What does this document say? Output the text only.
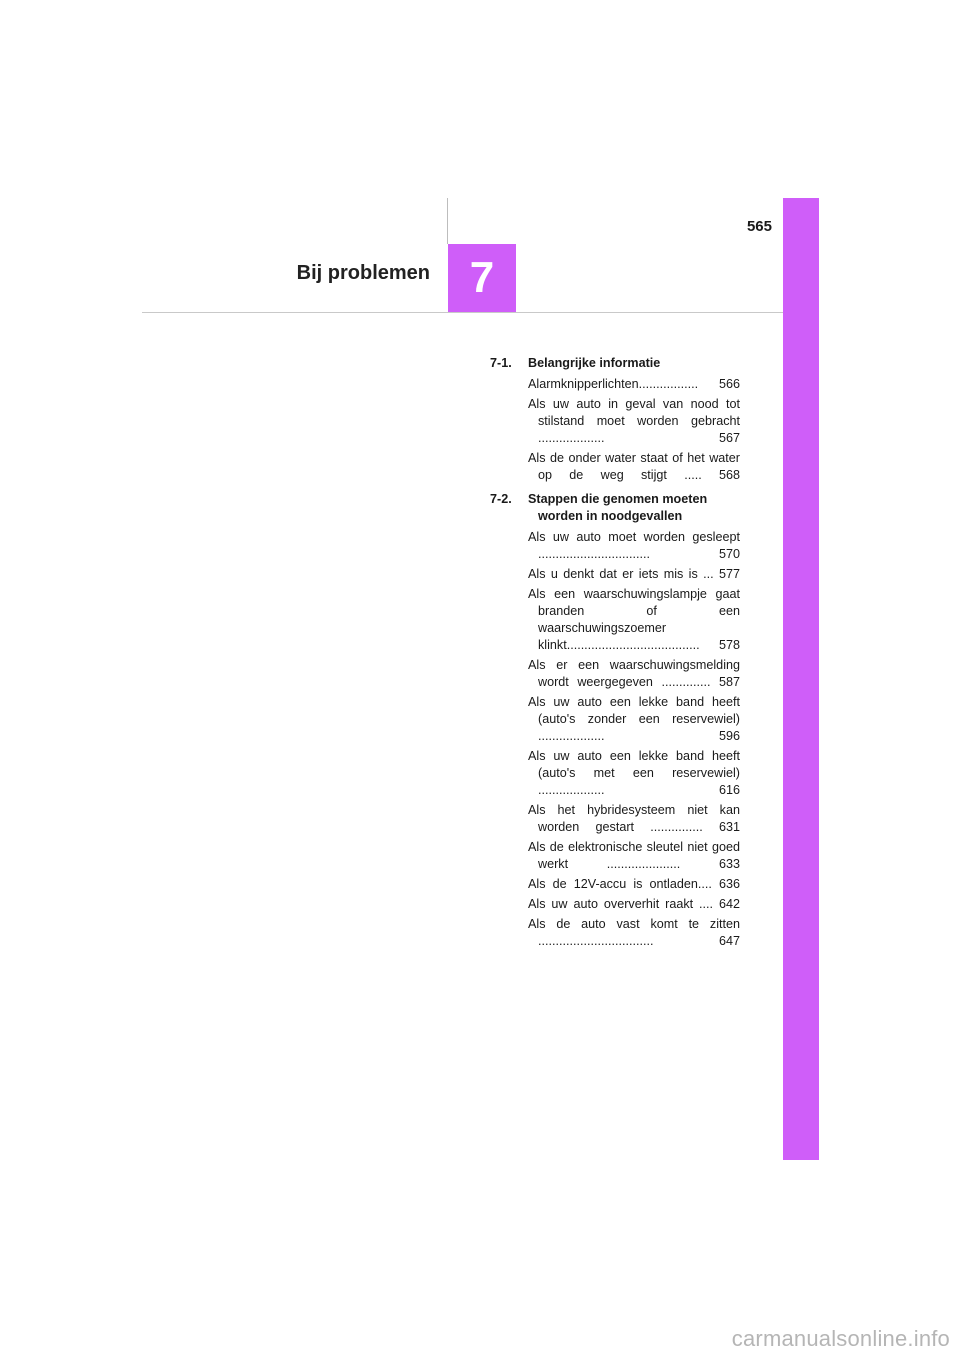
565
7
Bij problemen
7-1.	Belangrijke informatie
Alarmknipperlichten................. 566
Als uw auto in geval van nood tot stilstand moet worden gebracht ................... 567
Als de onder water staat of het water op de weg stijgt ..... 568
7-2.	Stappen die genomen moeten worden in noodgevallen
Als uw auto moet worden gesleept ................................ 570
Als u denkt dat er iets mis is ... 577
Als een waarschuwingslampje gaat branden of een waarschuwingszoemer klinkt...................................... 578
Als er een waarschuwingsmelding wordt weergegeven .............. 587
Als uw auto een lekke band heeft (auto's zonder een reservewiel) ................... 596
Als uw auto een lekke band heeft (auto's met een reservewiel) ................... 616
Als het hybridesysteem niet kan worden gestart ............... 631
Als de elektronische sleutel niet goed werkt ..................... 633
Als de 12V-accu is ontladen.... 636
Als uw auto oververhit raakt .... 642
Als de auto vast komt te zitten ................................. 647
carmanualsonline.info
